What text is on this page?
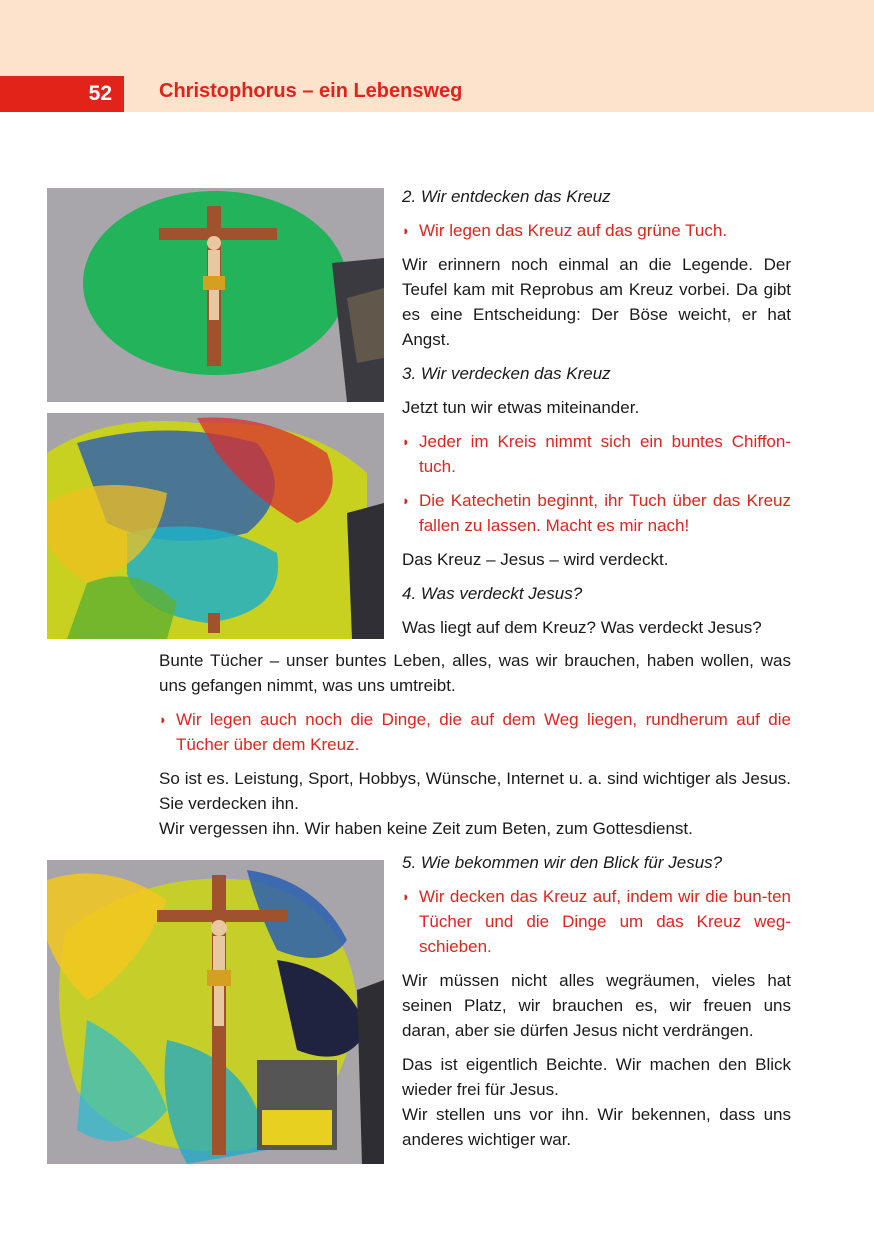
52	Christophorus – ein Lebensweg

2. Wir entdecken das Kreuz

◗ Wir legen das Kreuz auf das grüne Tuch.

Wir erinnern noch einmal an die Legende. Der Teufel kam mit Reprobus am Kreuz vorbei. Da gibt es eine Entscheidung: Der Böse weicht, er hat Angst.

3. Wir verdecken das Kreuz

Jetzt tun wir etwas miteinander.

◗ Jeder im Kreis nimmt sich ein buntes Chiffon-tuch.

◗ Die Katechetin beginnt, ihr Tuch über das Kreuz fallen zu lassen. Macht es mir nach!

Das Kreuz – Jesus – wird verdeckt.

4. Was verdeckt Jesus?

Was liegt auf dem Kreuz? Was verdeckt Jesus?

Bunte Tücher – unser buntes Leben, alles, was wir brauchen, haben wollen, was uns gefangen nimmt, was uns umtreibt.

◗ Wir legen auch noch die Dinge, die auf dem Weg liegen, rundherum auf die Tücher über dem Kreuz.

So ist es. Leistung, Sport, Hobbys, Wünsche, Internet u. a. sind wichtiger als Jesus. Sie verdecken ihn.
Wir vergessen ihn. Wir haben keine Zeit zum Beten, zum Gottesdienst.

5. Wie bekommen wir den Blick für Jesus?

◗ Wir decken das Kreuz auf, indem wir die bun-ten Tücher und die Dinge um das Kreuz weg-schieben.

Wir müssen nicht alles wegräumen, vieles hat seinen Platz, wir brauchen es, wir freuen uns daran, aber sie dürfen Jesus nicht verdrängen.

Das ist eigentlich Beichte. Wir machen den Blick wieder frei für Jesus.
Wir stellen uns vor ihn. Wir bekennen, dass uns anderes wichtiger war.
